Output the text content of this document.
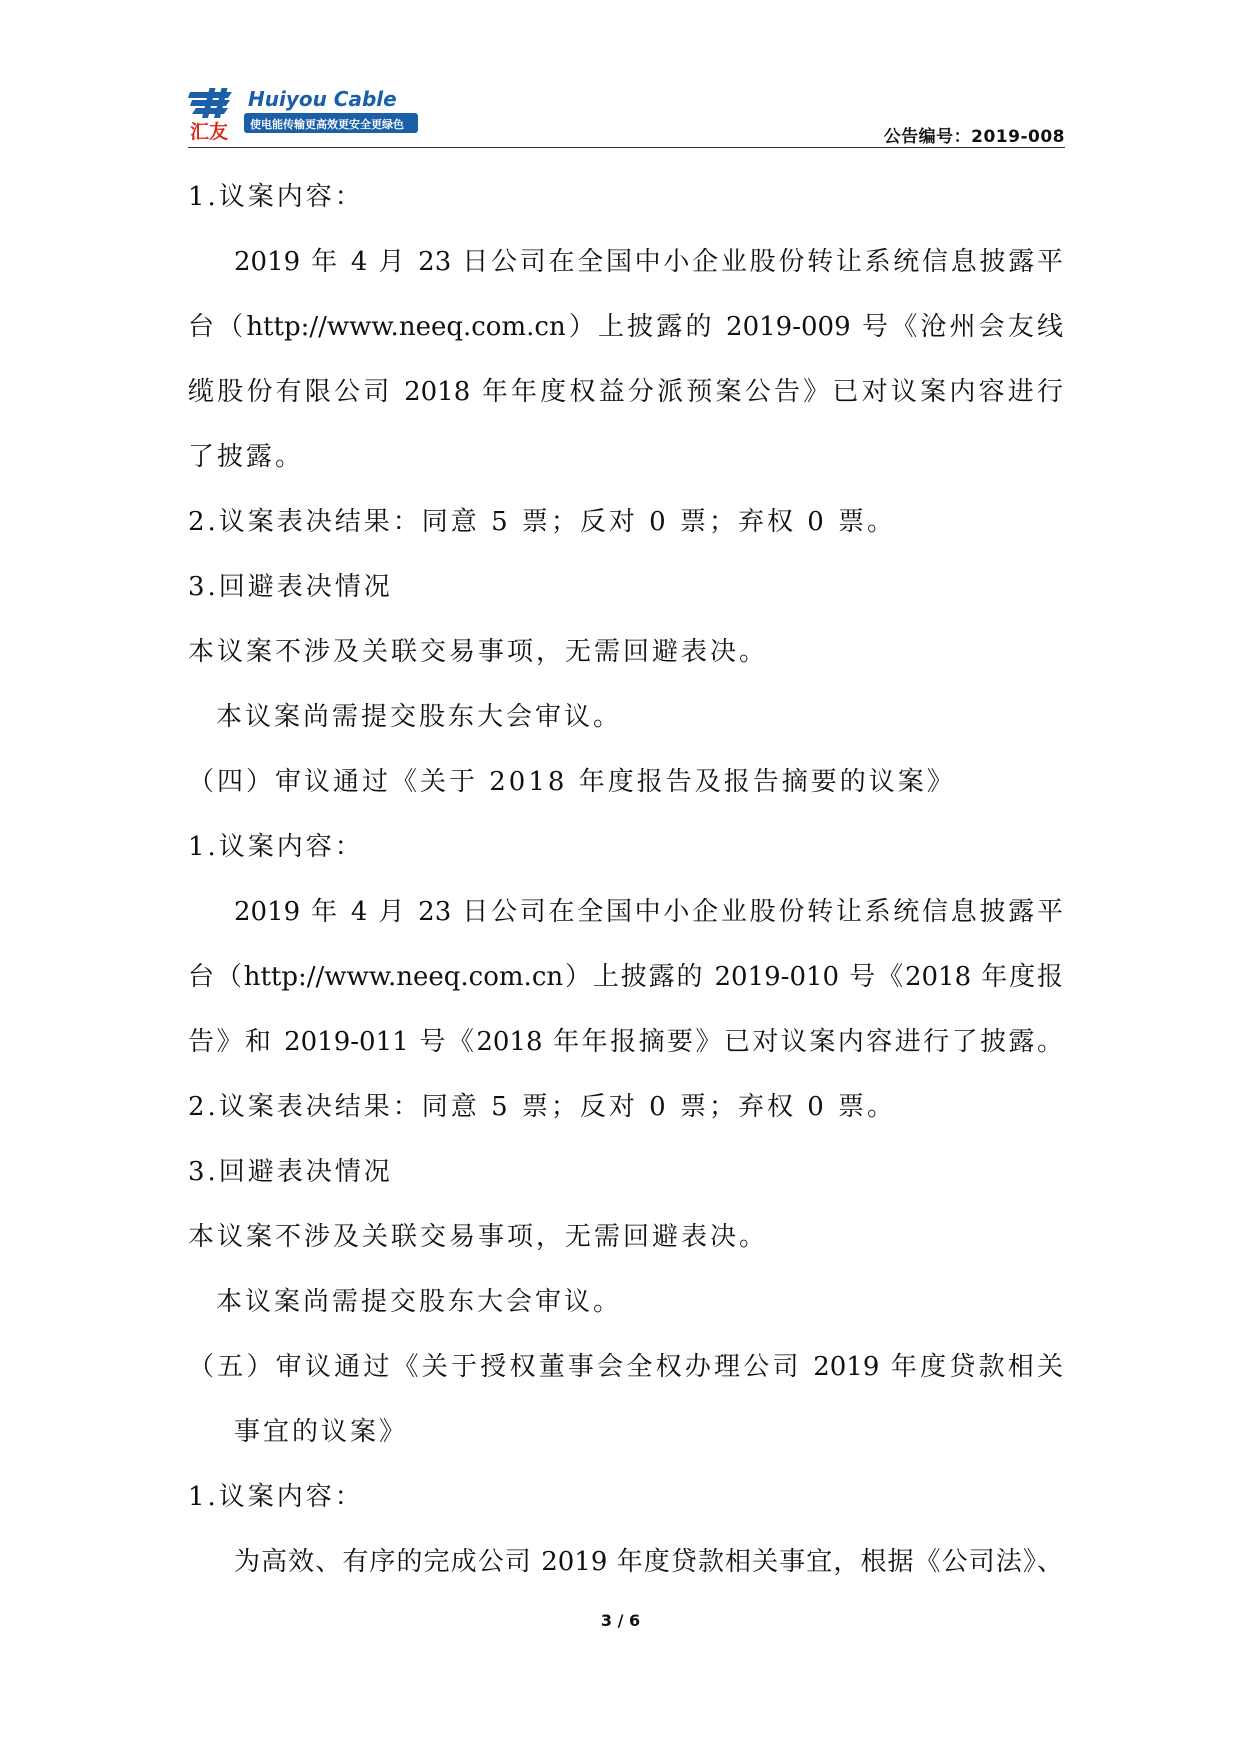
汇友
Huiyou Cable
使电能传输更高效更安全更绿色
公告编号：2019-008
1.议案内容：
2019 年 4 月 23 日公司在全国中小企业股份转让系统信息披露平
台（http://www.neeq.com.cn）上披露的 2019-009 号《沧州会友线
缆股份有限公司 2018 年年度权益分派预案公告》已对议案内容进行
了披露。
2.议案表决结果：同意 5 票；反对 0 票；弃权 0 票。
3.回避表决情况
本议案不涉及关联交易事项，无需回避表决。
本议案尚需提交股东大会审议。
（四）审议通过《关于 2018 年度报告及报告摘要的议案》
1.议案内容：
2019 年 4 月 23 日公司在全国中小企业股份转让系统信息披露平
台（http://www.neeq.com.cn）上披露的 2019-010 号《2018 年度报
告》和 2019-011 号《2018 年年报摘要》已对议案内容进行了披露。
2.议案表决结果：同意 5 票；反对 0 票；弃权 0 票。
3.回避表决情况
本议案不涉及关联交易事项，无需回避表决。
本议案尚需提交股东大会审议。
（五）审议通过《关于授权董事会全权办理公司 2019 年度贷款相关
事宜的议案》
1.议案内容：
为高效、有序的完成公司 2019 年度贷款相关事宜，根据《公司法》、
3 / 6
